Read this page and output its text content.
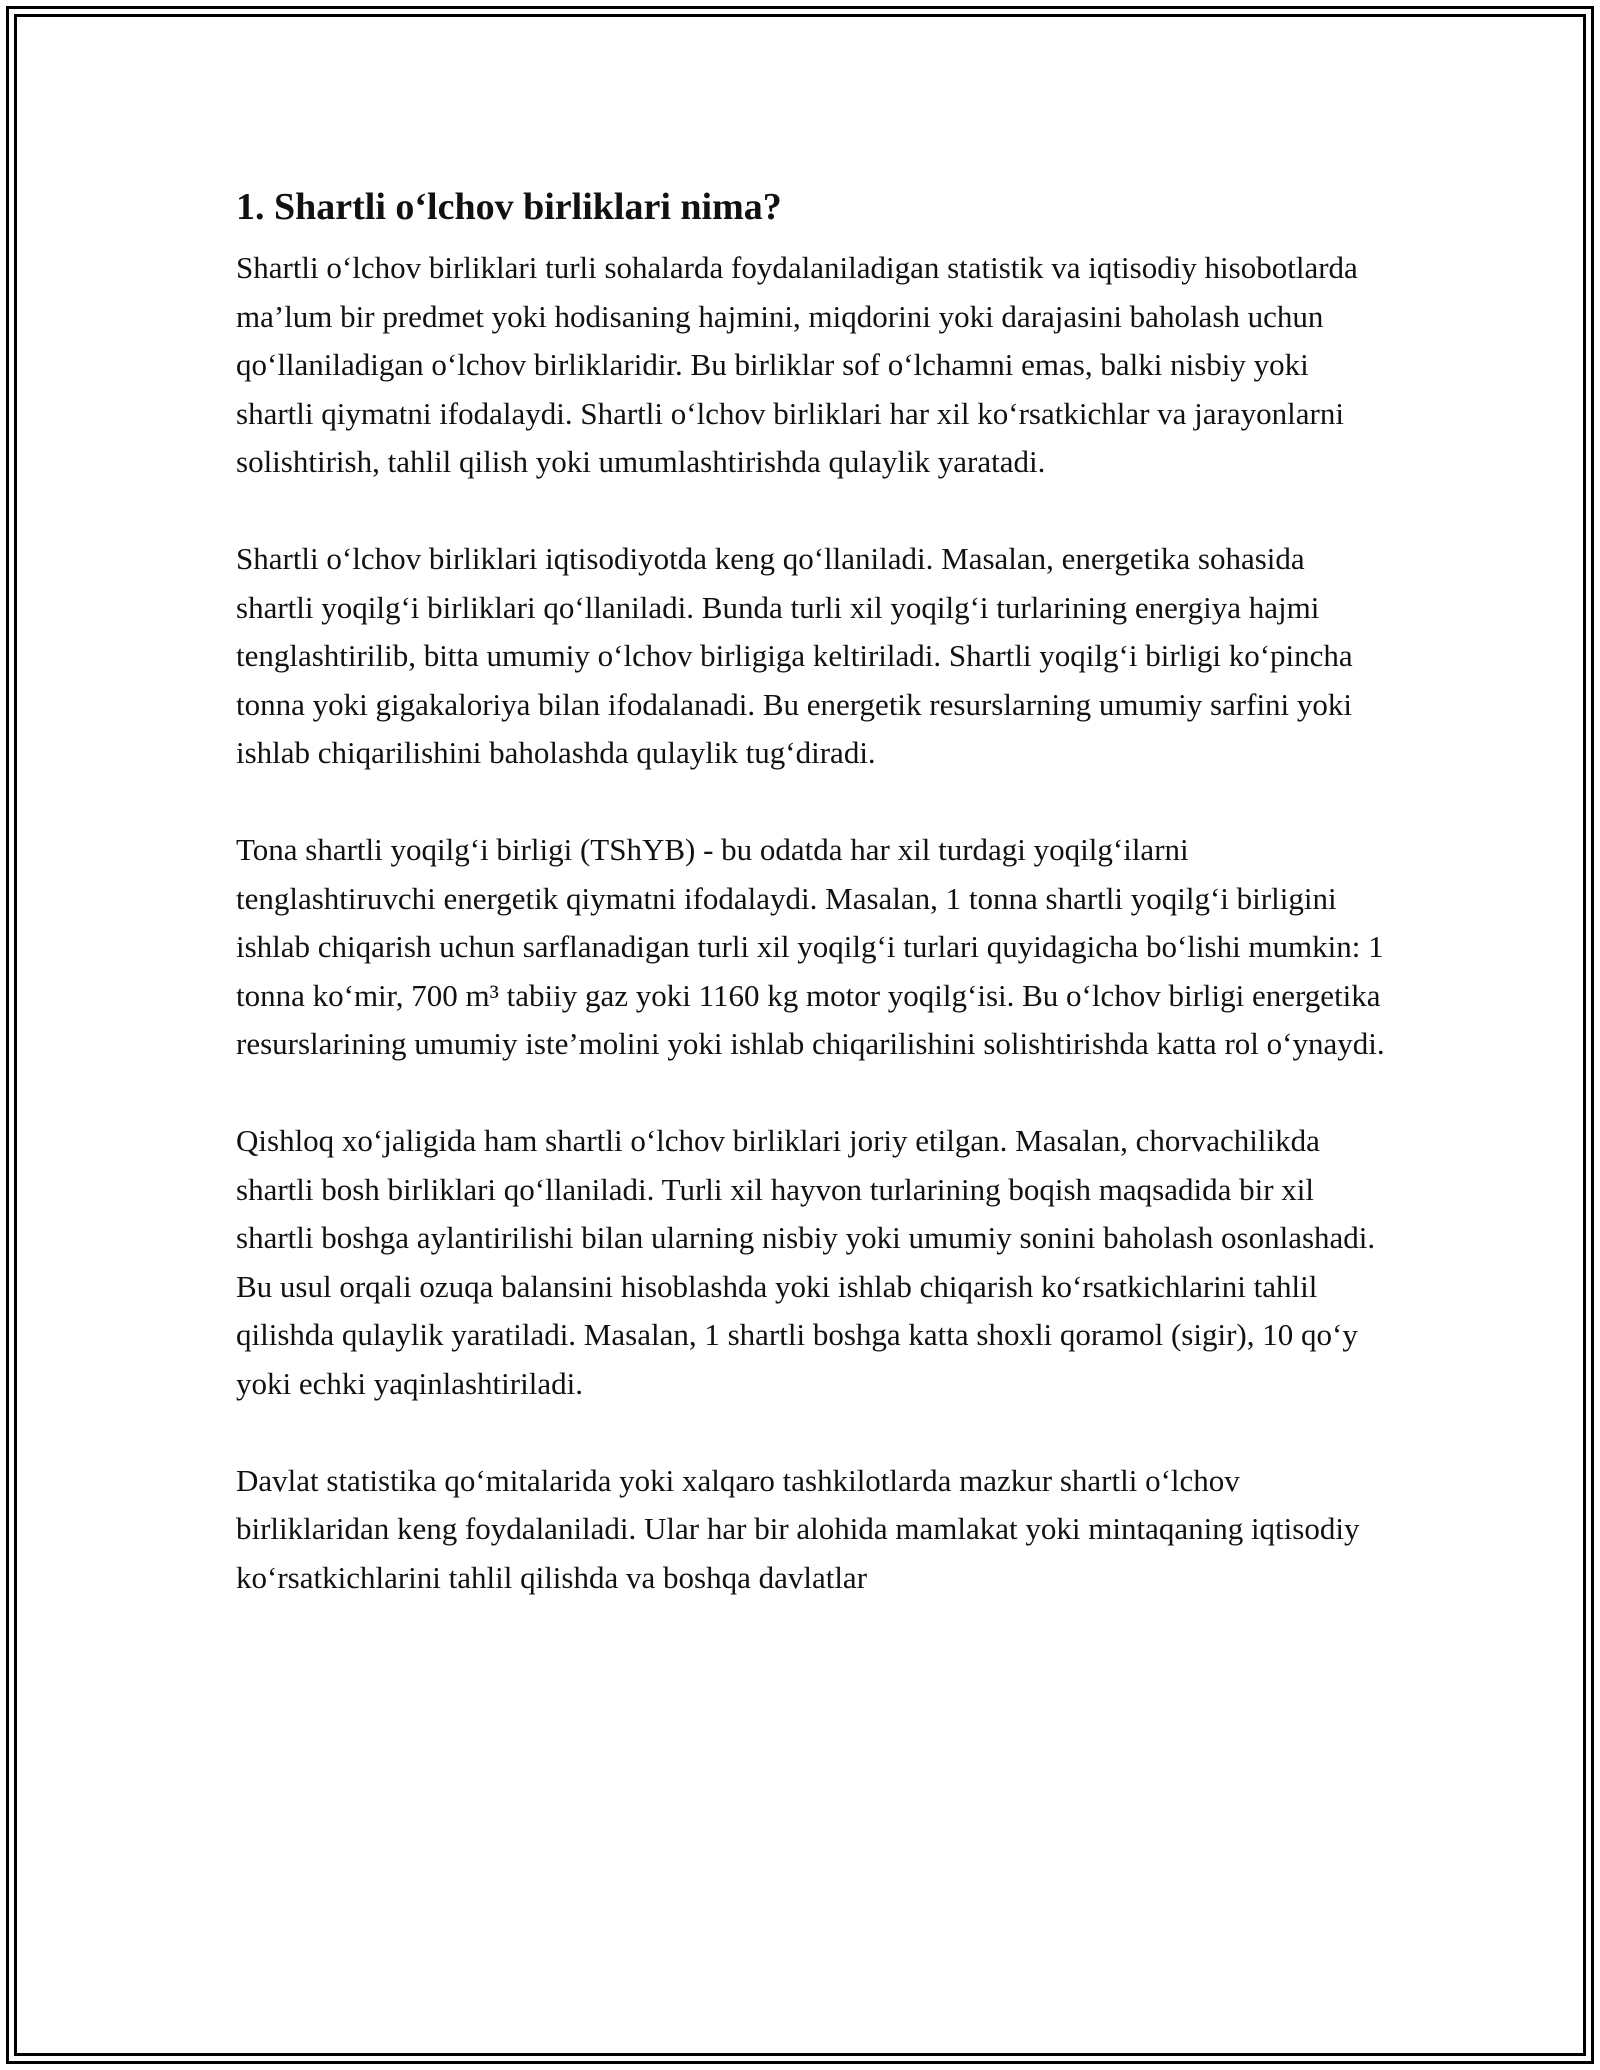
1. Shartli o‘lchov birliklari nima?

Shartli o‘lchov birliklari turli sohalarda foydalaniladigan statistik va iqtisodiy hisobotlarda ma’lum bir predmet yoki hodisaning hajmini, miqdorini yoki darajasini baholash uchun qo‘llaniladigan o‘lchov birliklaridir. Bu birliklar sof o‘lchamni emas, balki nisbiy yoki shartli qiymatni ifodalaydi. Shartli o‘lchov birliklari har xil ko‘rsatkichlar va jarayonlarni solishtirish, tahlil qilish yoki umumlashtirishda qulaylik yaratadi.

Shartli o‘lchov birliklari iqtisodiyotda keng qo‘llaniladi. Masalan, energetika sohasida shartli yoqilg‘i birliklari qo‘llaniladi. Bunda turli xil yoqilg‘i turlarining energiya hajmi tenglashtirilib, bitta umumiy o‘lchov birligiga keltiriladi. Shartli yoqilg‘i birligi ko‘pincha tonna yoki gigakaloriya bilan ifodalanadi. Bu energetik resurslarning umumiy sarfini yoki ishlab chiqarilishini baholashda qulaylik tug‘diradi.

Tona shartli yoqilg‘i birligi (TShYB) - bu odatda har xil turdagi yoqilg‘ilarni tenglashtiruvchi energetik qiymatni ifodalaydi. Masalan, 1 tonna shartli yoqilg‘i birligini ishlab chiqarish uchun sarflanadigan turli xil yoqilg‘i turlari quyidagicha bo‘lishi mumkin: 1 tonna ko‘mir, 700 m³ tabiiy gaz yoki 1160 kg motor yoqilg‘isi. Bu o‘lchov birligi energetika resurslarining umumiy iste’molini yoki ishlab chiqarilishini solishtirishda katta rol o‘ynaydi.

Qishloq xo‘jaligida ham shartli o‘lchov birliklari joriy etilgan. Masalan, chorvachilikda shartli bosh birliklari qo‘llaniladi. Turli xil hayvon turlarining boqish maqsadida bir xil shartli boshga aylantirilishi bilan ularning nisbiy yoki umumiy sonini baholash osonlashadi. Bu usul orqali ozuqa balansini hisoblashda yoki ishlab chiqarish ko‘rsatkichlarini tahlil qilishda qulaylik yaratiladi. Masalan, 1 shartli boshga katta shoxli qoramol (sigir), 10 qo‘y yoki echki yaqinlashtiriladi.

Davlat statistika qo‘mitalarida yoki xalqaro tashkilotlarda mazkur shartli o‘lchov birliklaridan keng foydalaniladi. Ular har bir alohida mamlakat yoki mintaqaning iqtisodiy ko‘rsatkichlarini tahlil qilishda va boshqa davlatlar
